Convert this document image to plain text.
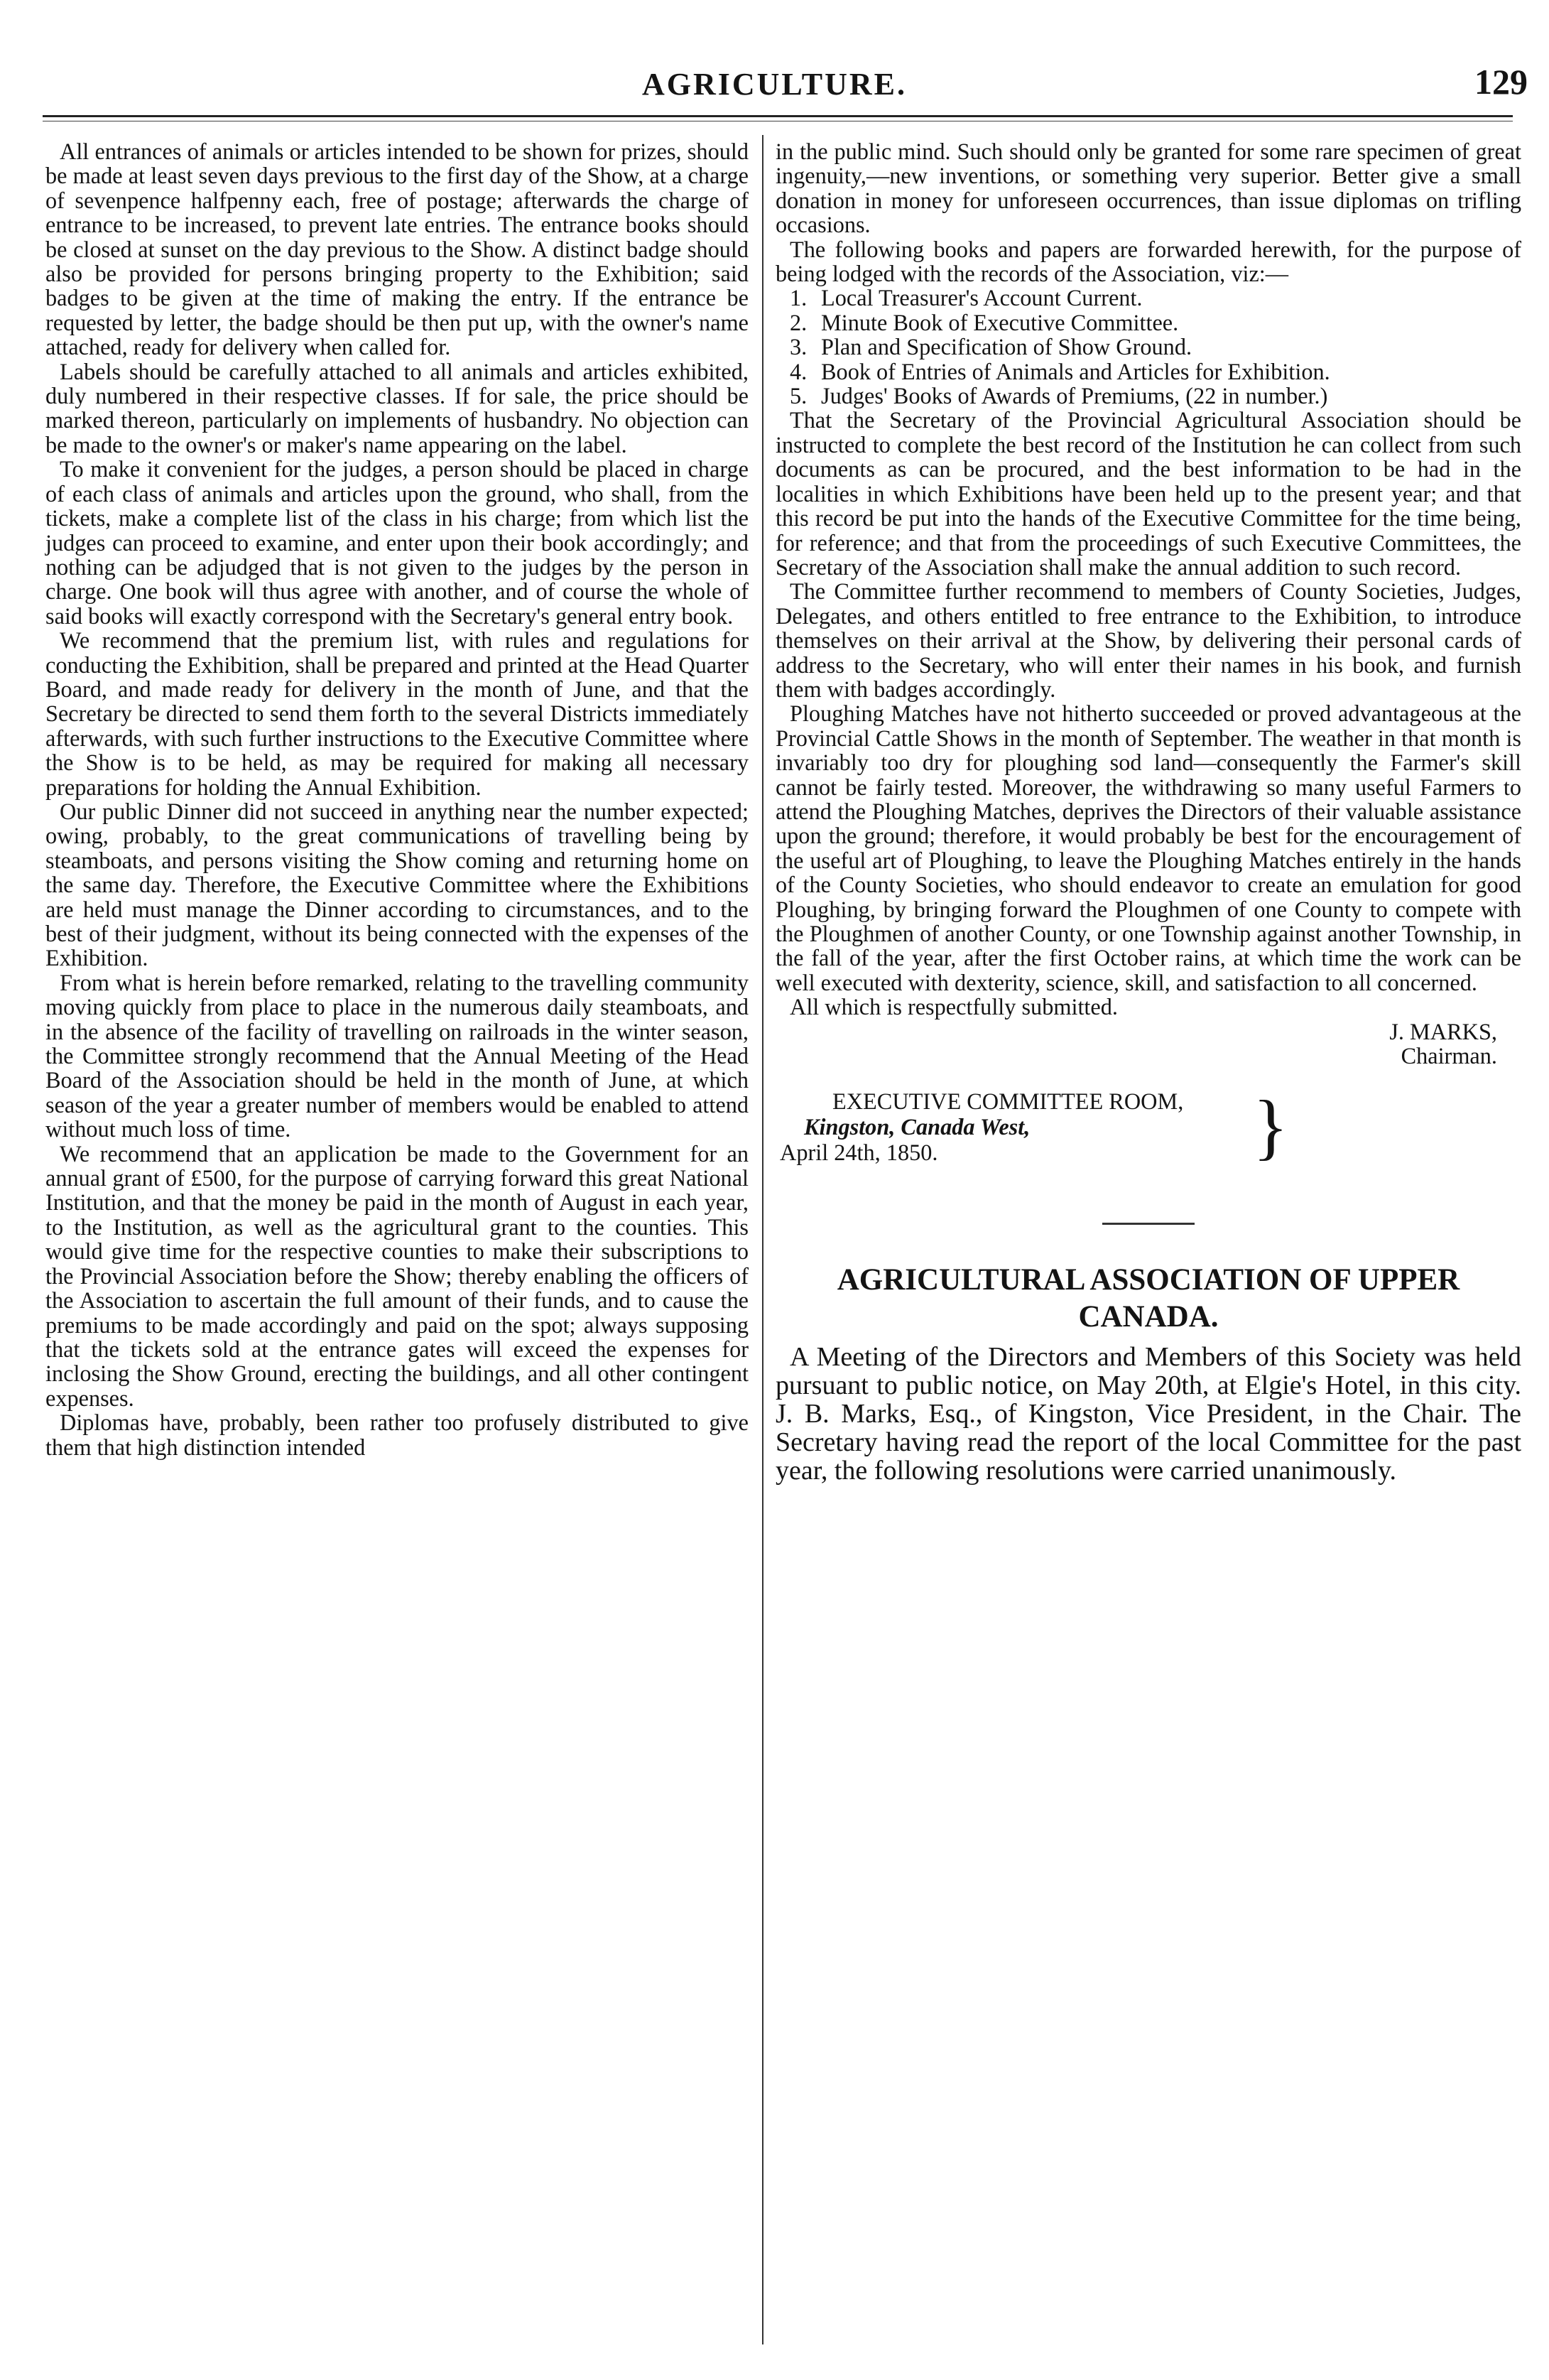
AGRICULTURE.	129

All entrances of animals or articles intended to be shown for prizes, should be made at least seven days previous to the first day of the Show, at a charge of sevenpence halfpenny each, free of postage; afterwards the charge of entrance to be increased, to prevent late entries. The entrance books should be closed at sunset on the day previous to the Show. A distinct badge should also be provided for persons bringing property to the Exhibition; said badges to be given at the time of making the entry. If the entrance be requested by letter, the badge should be then put up, with the owner's name attached, ready for delivery when called for.

Labels should be carefully attached to all animals and articles exhibited, duly numbered in their respective classes. If for sale, the price should be marked thereon, particularly on implements of husbandry. No objection can be made to the owner's or maker's name appearing on the label.

To make it convenient for the judges, a person should be placed in charge of each class of animals and articles upon the ground, who shall, from the tickets, make a complete list of the class in his charge; from which list the judges can proceed to examine, and enter upon their book accordingly; and nothing can be adjudged that is not given to the judges by the person in charge. One book will thus agree with another, and of course the whole of said books will exactly correspond with the Secretary's general entry book.

We recommend that the premium list, with rules and regulations for conducting the Exhibition, shall be prepared and printed at the Head Quarter Board, and made ready for delivery in the month of June, and that the Secretary be directed to send them forth to the several Districts immediately afterwards, with such further instructions to the Executive Committee where the Show is to be held, as may be required for making all necessary preparations for holding the Annual Exhibition.

Our public Dinner did not succeed in anything near the number expected; owing, probably, to the great communications of travelling being by steamboats, and persons visiting the Show coming and returning home on the same day. Therefore, the Executive Committee where the Exhibitions are held must manage the Dinner according to circumstances, and to the best of their judgment, without its being connected with the expenses of the Exhibition.

From what is herein before remarked, relating to the travelling community moving quickly from place to place in the numerous daily steamboats, and in the absence of the facility of travelling on railroads in the winter season, the Committee strongly recommend that the Annual Meeting of the Head Board of the Association should be held in the month of June, at which season of the year a greater number of members would be enabled to attend without much loss of time.

We recommend that an application be made to the Government for an annual grant of £500, for the purpose of carrying forward this great National Institution, and that the money be paid in the month of August in each year, to the Institution, as well as the agricultural grant to the counties. This would give time for the respective counties to make their subscriptions to the Provincial Association before the Show; thereby enabling the officers of the Association to ascertain the full amount of their funds, and to cause the premiums to be made accordingly and paid on the spot; always supposing that the tickets sold at the entrance gates will exceed the expenses for inclosing the Show Ground, erecting the buildings, and all other contingent expenses.

Diplomas have, probably, been rather too profusely distributed to give them that high distinction intended

in the public mind. Such should only be granted for some rare specimen of great ingenuity,—new inventions, or something very superior. Better give a small donation in money for unforeseen occurrences, than issue diplomas on trifling occasions.

The following books and papers are forwarded herewith, for the purpose of being lodged with the records of the Association, viz:—

1. Local Treasurer's Account Current.
2. Minute Book of Executive Committee.
3. Plan and Specification of Show Ground.
4. Book of Entries of Animals and Articles for Exhibition.
5. Judges' Books of Awards of Premiums, (22 in number.)

That the Secretary of the Provincial Agricultural Association should be instructed to complete the best record of the Institution he can collect from such documents as can be procured, and the best information to be had in the localities in which Exhibitions have been held up to the present year; and that this record be put into the hands of the Executive Committee for the time being, for reference; and that from the proceedings of such Executive Committees, the Secretary of the Association shall make the annual addition to such record.

The Committee further recommend to members of County Societies, Judges, Delegates, and others entitled to free entrance to the Exhibition, to introduce themselves on their arrival at the Show, by delivering their personal cards of address to the Secretary, who will enter their names in his book, and furnish them with badges accordingly.

Ploughing Matches have not hitherto succeeded or proved advantageous at the Provincial Cattle Shows in the month of September. The weather in that month is invariably too dry for ploughing sod land—consequently the Farmer's skill cannot be fairly tested. Moreover, the withdrawing so many useful Farmers to attend the Ploughing Matches, deprives the Directors of their valuable assistance upon the ground; therefore, it would probably be best for the encouragement of the useful art of Ploughing, to leave the Ploughing Matches entirely in the hands of the County Societies, who should endeavor to create an emulation for good Ploughing, by bringing forward the Ploughmen of one County to compete with the Ploughmen of another County, or one Township against another Township, in the fall of the year, after the first October rains, at which time the work can be well executed with dexterity, science, skill, and satisfaction to all concerned.

All which is respectfully submitted.

J. MARKS,
Chairman.
EXECUTIVE COMMITTEE ROOM,
Kingston, Canada West,
April 24th, 1850.	}
AGRICULTURAL ASSOCIATION OF UPPER CANADA.

A Meeting of the Directors and Members of this Society was held pursuant to public notice, on May 20th, at Elgie's Hotel, in this city. J. B. Marks, Esq., of Kingston, Vice President, in the Chair. The Secretary having read the report of the local Committee for the past year, the following resolutions were carried unanimously.
